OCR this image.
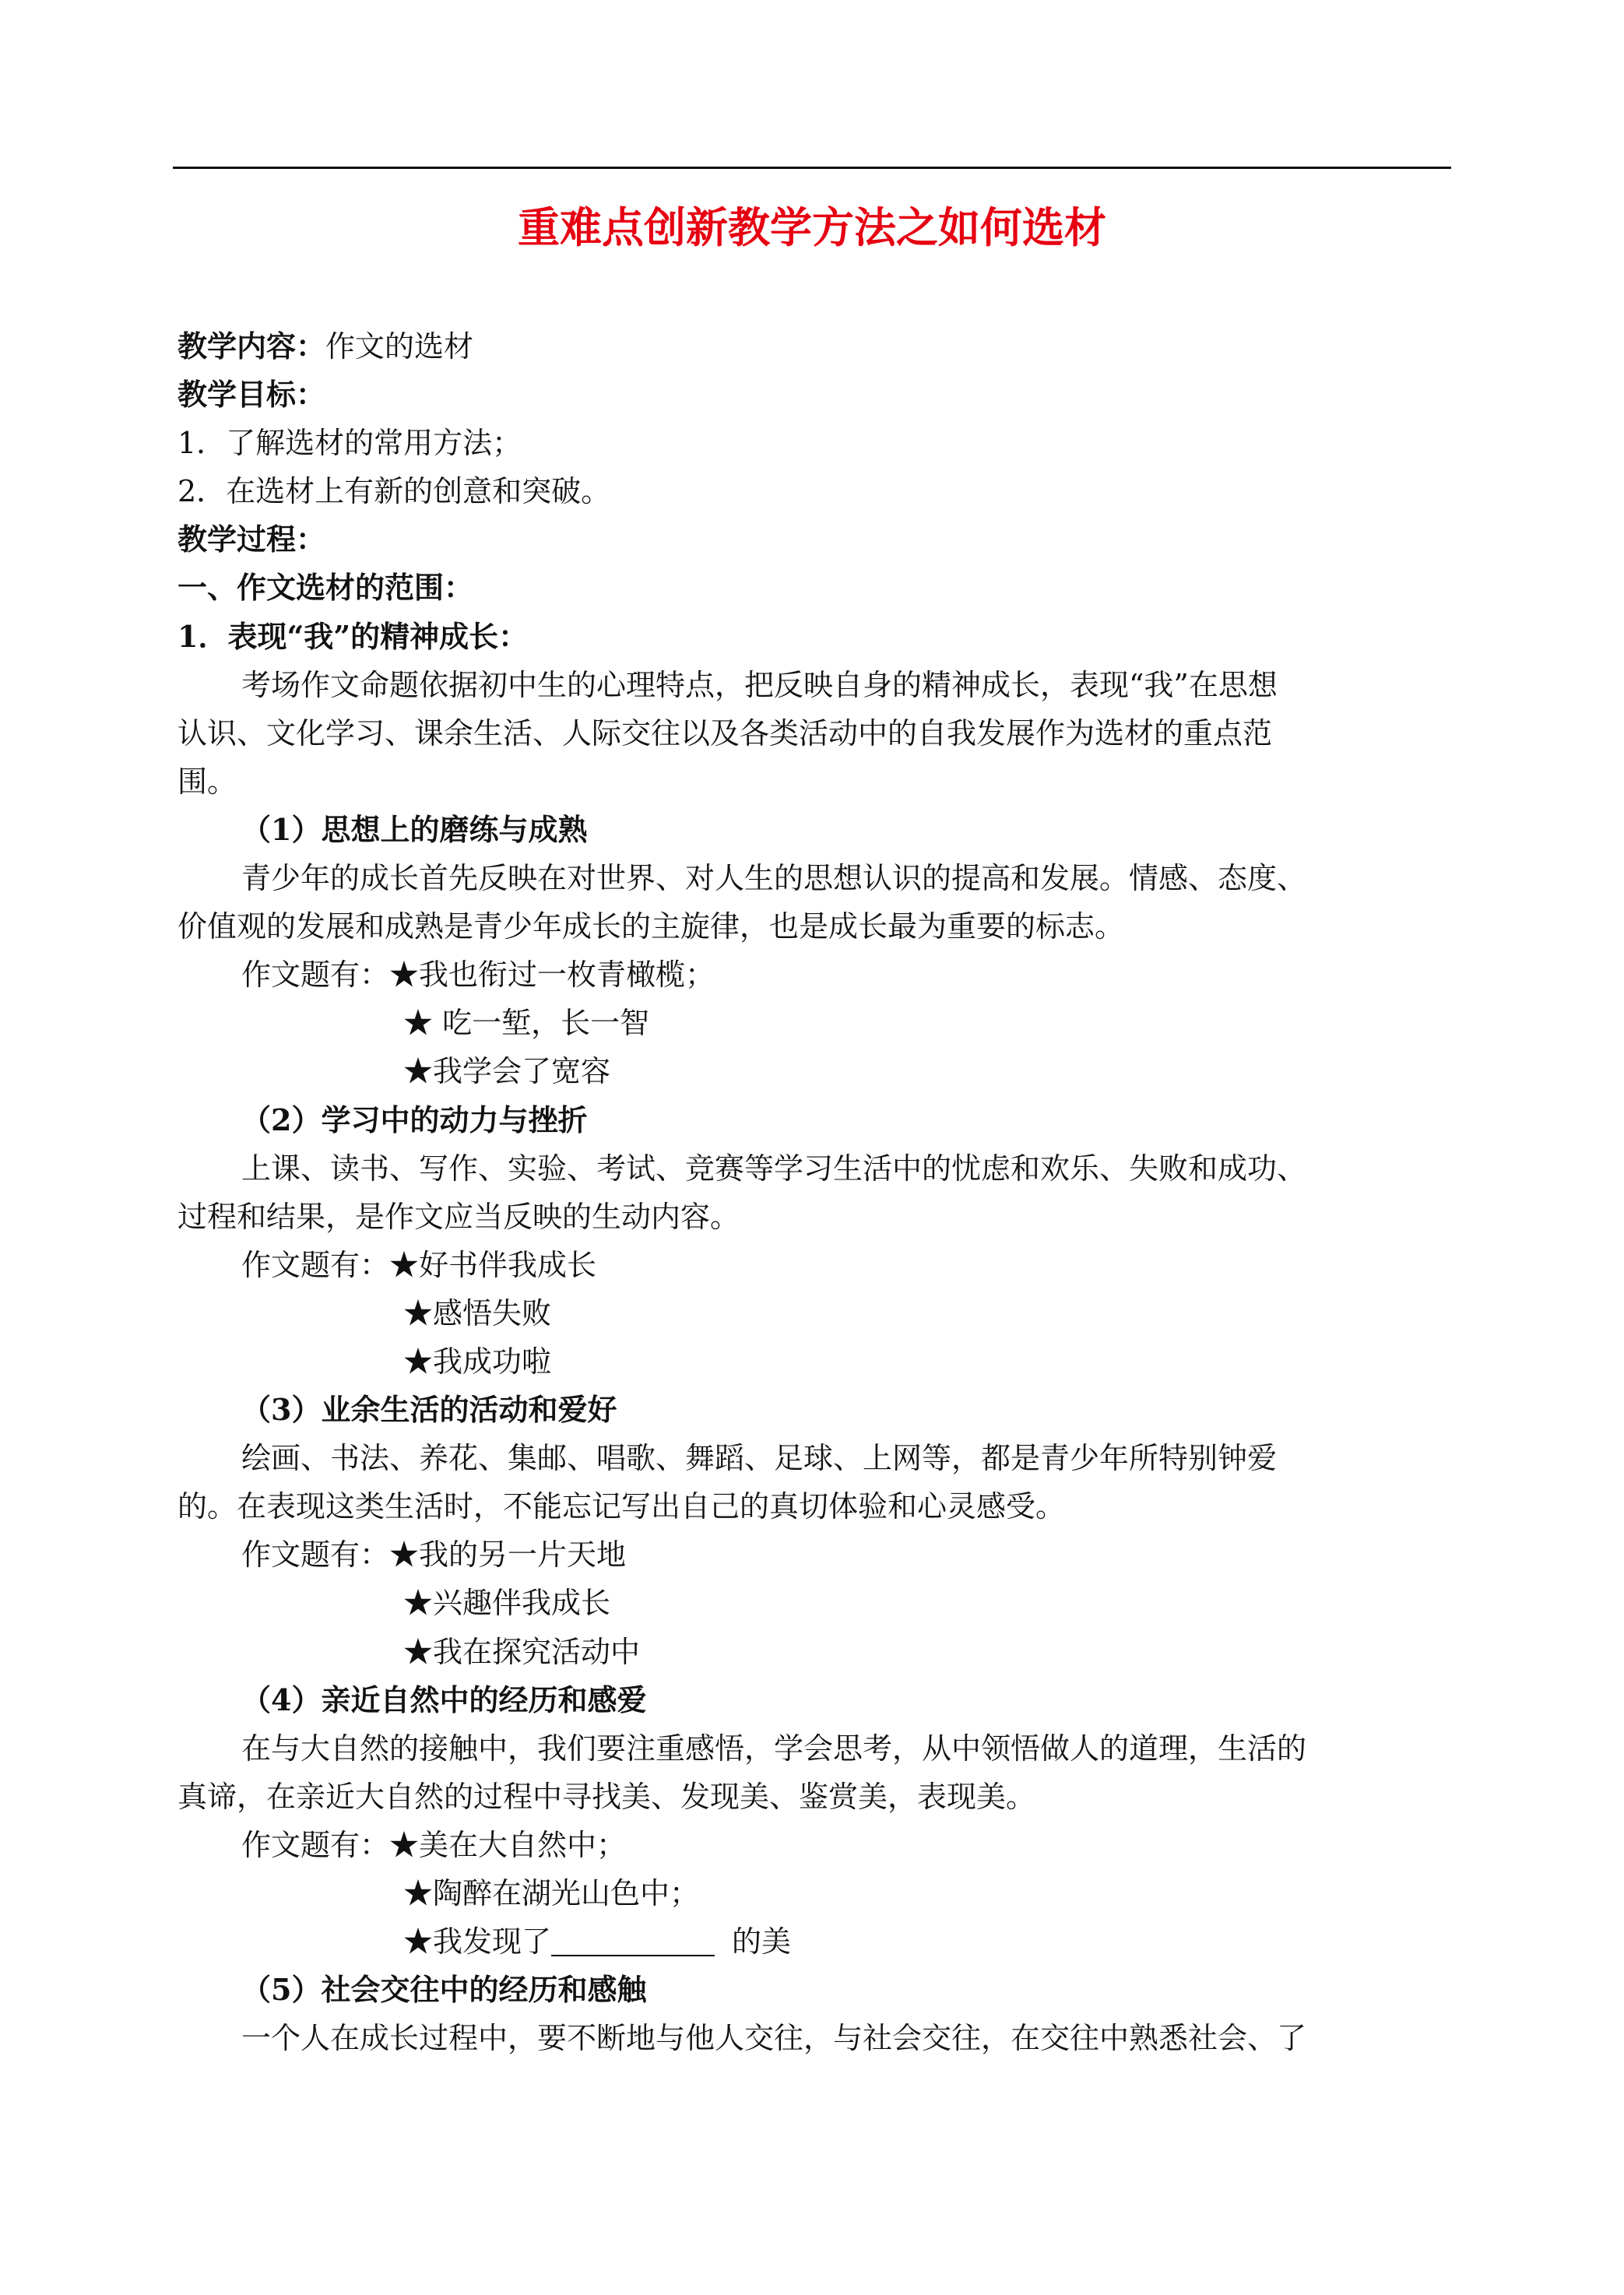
重难点创新教学方法之如何选材
教学内容：作文的选材
教学目标：
1．了解选材的常用方法；
2．在选材上有新的创意和突破。
教学过程：
一、作文选材的范围：
1．表现“我”的精神成长：
考场作文命题依据初中生的心理特点，把反映自身的精神成长，表现“我”在思想
认识、文化学习、课余生活、人际交往以及各类活动中的自我发展作为选材的重点范
围。
（1）思想上的磨练与成熟
青少年的成长首先反映在对世界、对人生的思想认识的提高和发展。情感、态度、
价值观的发展和成熟是青少年成长的主旋律，也是成长最为重要的标志。
作文题有：★我也衔过一枚青橄榄；
★ 吃一堑，长一智
★我学会了宽容
（2）学习中的动力与挫折
上课、读书、写作、实验、考试、竞赛等学习生活中的忧虑和欢乐、失败和成功、
过程和结果，是作文应当反映的生动内容。
作文题有：★好书伴我成长
★感悟失败
★我成功啦
（3）业余生活的活动和爱好
绘画、书法、养花、集邮、唱歌、舞蹈、足球、上网等，都是青少年所特别钟爱
的。在表现这类生活时，不能忘记写出自己的真切体验和心灵感受。
作文题有：★我的另一片天地
★兴趣伴我成长
★我在探究活动中
（4）亲近自然中的经历和感爱
在与大自然的接触中，我们要注重感悟，学会思考，从中领悟做人的道理，生活的
真谛，在亲近大自然的过程中寻找美、发现美、鉴赏美，表现美。
作文题有：★美在大自然中；
★陶醉在湖光山色中；
★我发现了	的美
（5）社会交往中的经历和感触
一个人在成长过程中，要不断地与他人交往，与社会交往，在交往中熟悉社会、了
